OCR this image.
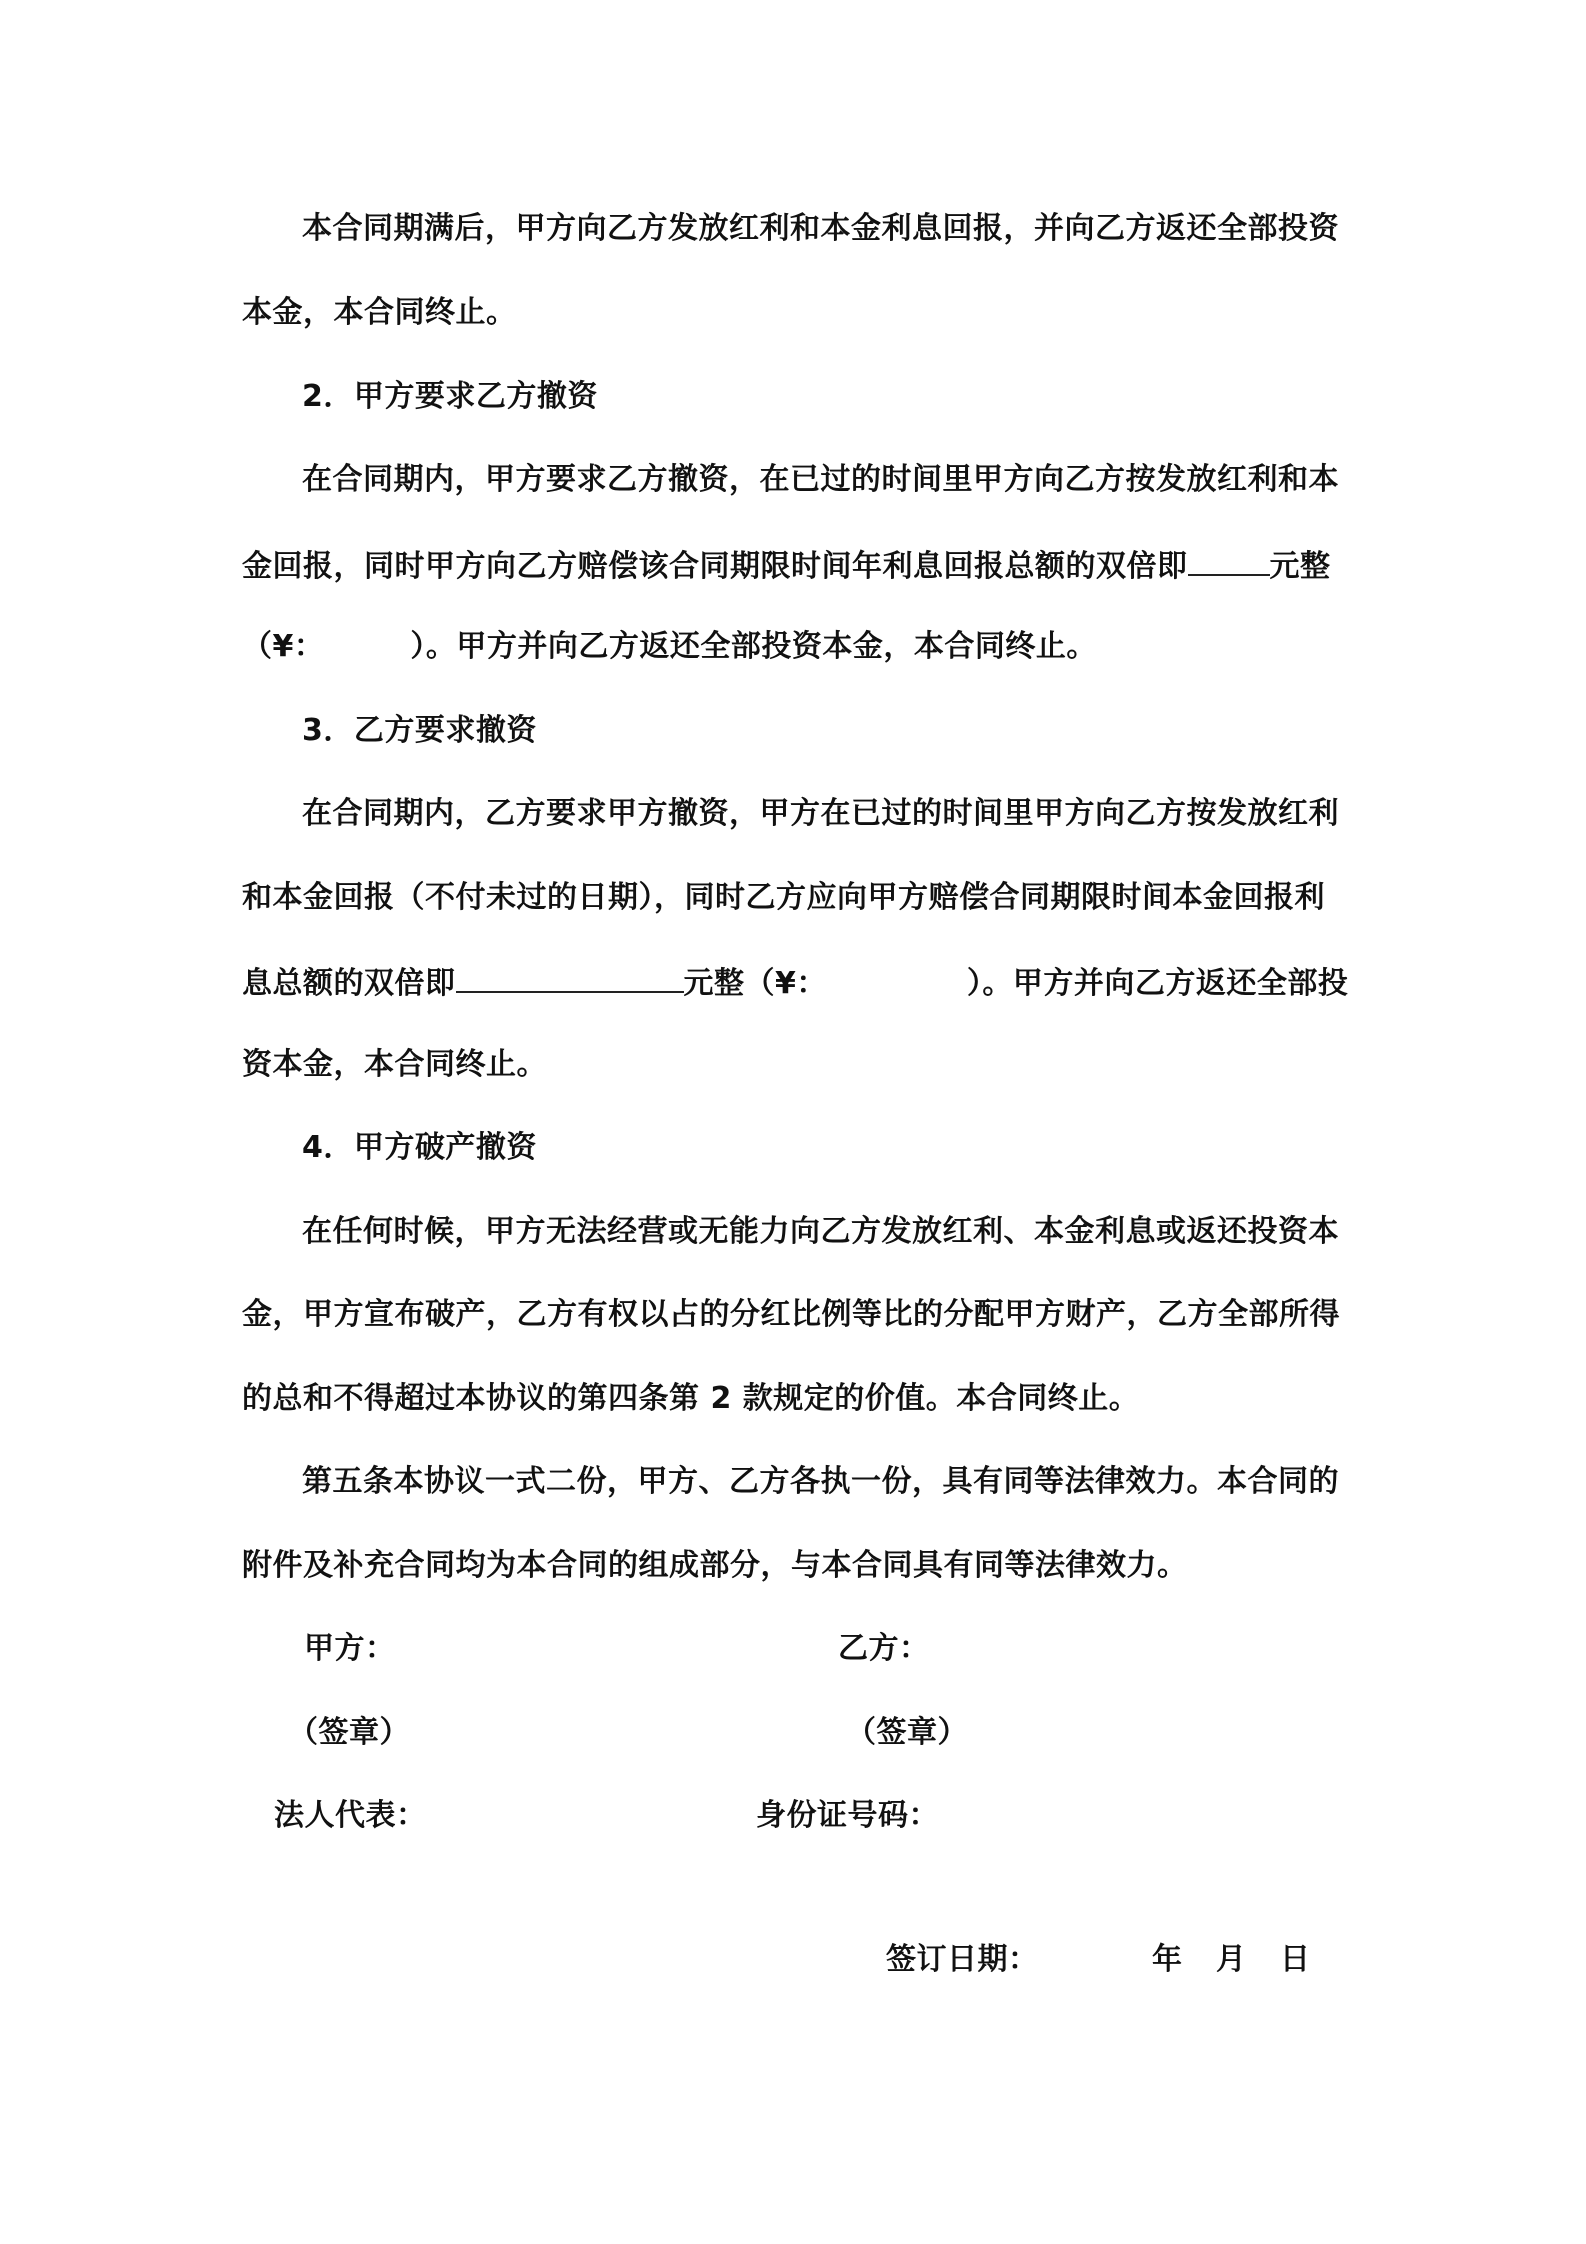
本合同期满后，甲方向乙方发放红利和本金利息回报，并向乙方返还全部投资
本金，本合同终止。
2．甲方要求乙方撤资
在合同期内，甲方要求乙方撤资，在已过的时间里甲方向乙方按发放红利和本
金回报，同时甲方向乙方赔偿该合同期限时间年利息回报总额的双倍即	元整
（¥：	）。甲方并向乙方返还全部投资本金，本合同终止。
3．乙方要求撤资
在合同期内，乙方要求甲方撤资，甲方在已过的时间里甲方向乙方按发放红利
和本金回报（不付未过的日期），同时乙方应向甲方赔偿合同期限时间本金回报利
息总额的双倍即	元整（¥：	）。甲方并向乙方返还全部投
资本金，本合同终止。
4．甲方破产撤资
在任何时候，甲方无法经营或无能力向乙方发放红利、本金利息或返还投资本
金，甲方宣布破产，乙方有权以占的分红比例等比的分配甲方财产，乙方全部所得
的总和不得超过本协议的第四条第 2 款规定的价值。本合同终止。
第五条本协议一式二份，甲方、乙方各执一份，具有同等法律效力。本合同的
附件及补充合同均为本合同的组成部分，与本合同具有同等法律效力。
甲方：	乙方：
（签章）	（签章）
法人代表：	身份证号码：
签订日期：	年 月 日
